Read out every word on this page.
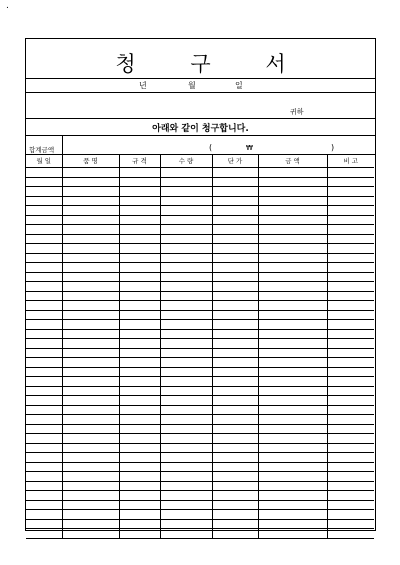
.
청 구 서
년	월	일
귀하
아래와 같이 청구합니다.
합계금액	(	₩	)
월 일	품 명	규 격	수 량	단 가	금 액	비 고
